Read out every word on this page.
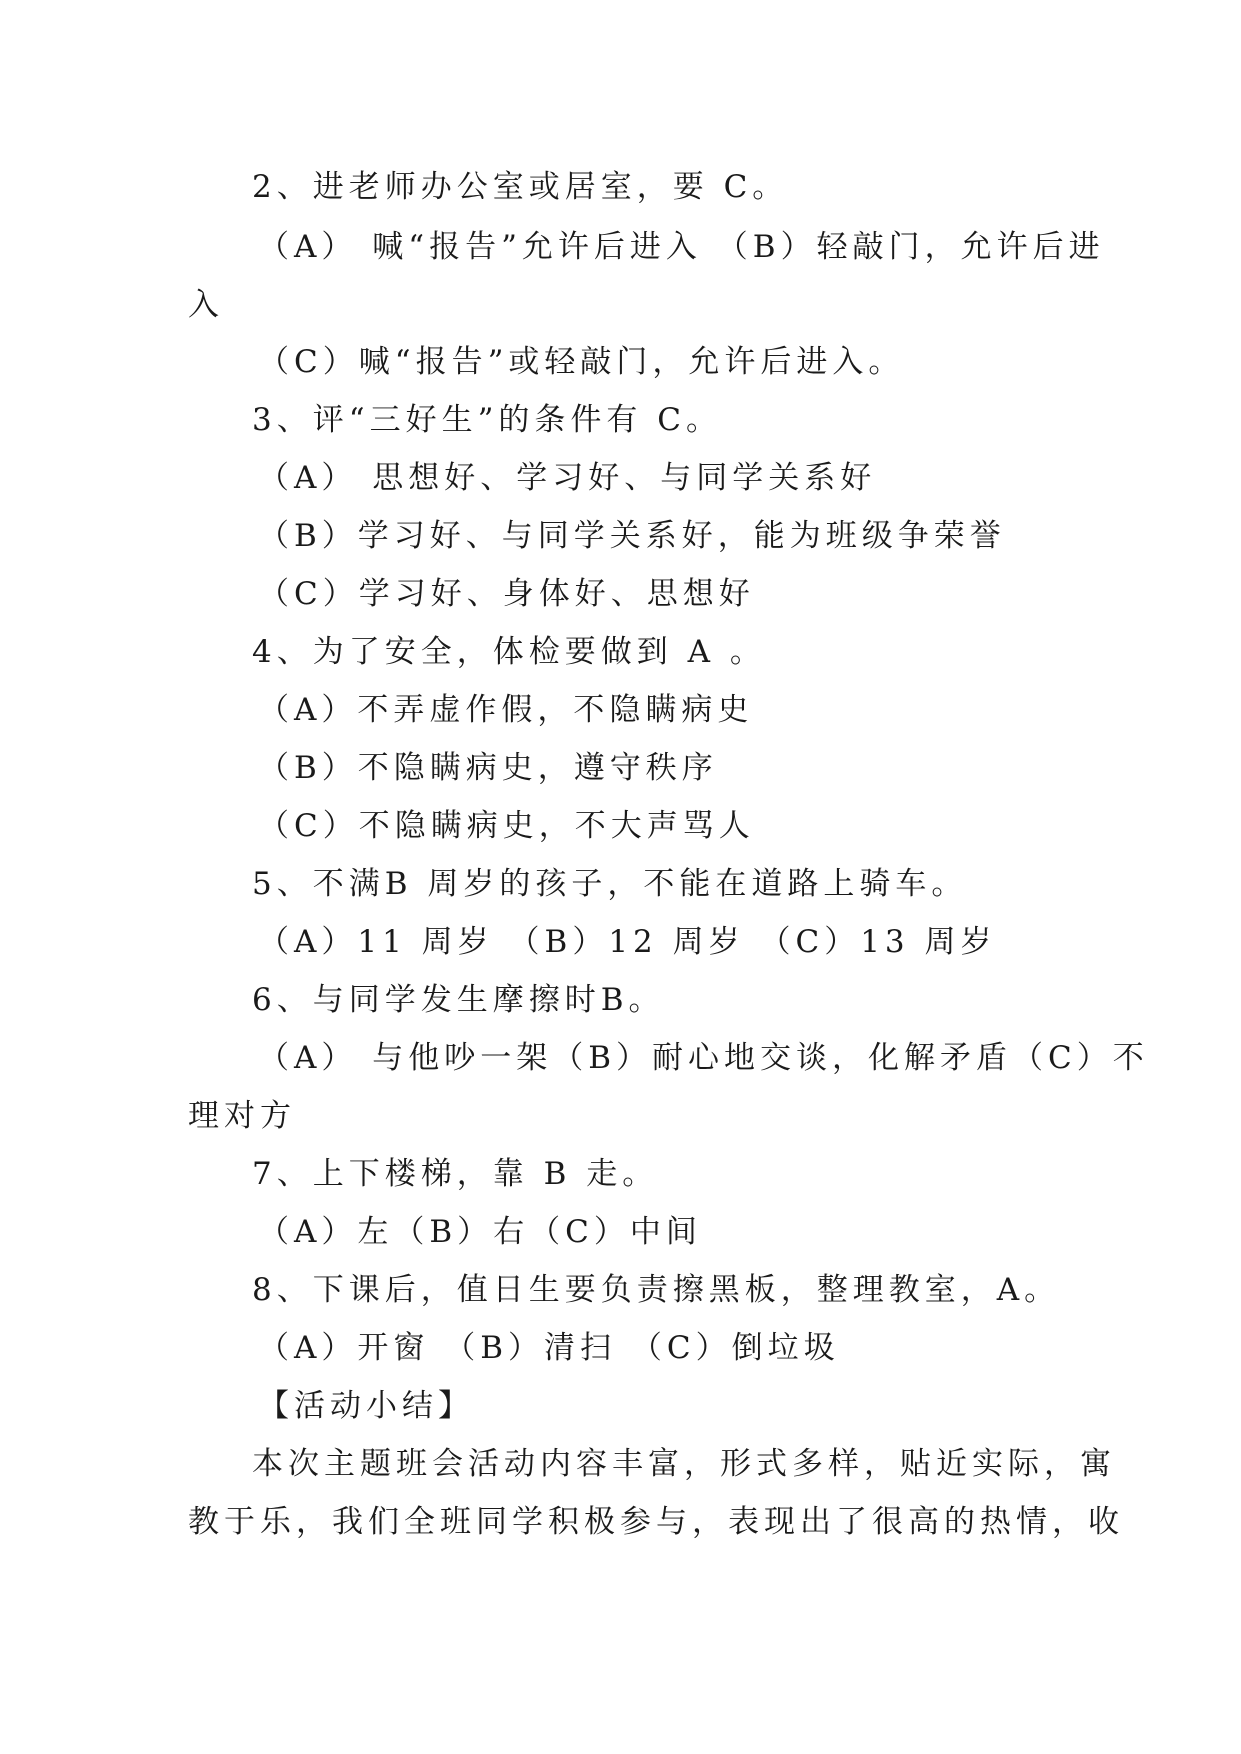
2、进老师办公室或居室，要 C。
（A） 喊“报告”允许后进入 （B）轻敲门，允许后进
入
（C）喊“报告”或轻敲门，允许后进入。
3、评“三好生”的条件有 C。
（A） 思想好、学习好、与同学关系好
（B）学习好、与同学关系好，能为班级争荣誉
（C）学习好、身体好、思想好
4、为了安全，体检要做到 A 。
（A）不弄虚作假，不隐瞒病史
（B）不隐瞒病史，遵守秩序
（C）不隐瞒病史，不大声骂人
5、不满B 周岁的孩子，不能在道路上骑车。
（A）11 周岁 （B）12 周岁 （C）13 周岁
6、与同学发生摩擦时B。
（A） 与他吵一架（B）耐心地交谈，化解矛盾（C）不
理对方
7、上下楼梯，靠 B 走。
（A）左（B）右（C）中间
8、下课后，值日生要负责擦黑板，整理教室，A。
（A）开窗 （B）清扫 （C）倒垃圾
【活动小结】
本次主题班会活动内容丰富，形式多样，贴近实际，寓
教于乐，我们全班同学积极参与，表现出了很高的热情，收
